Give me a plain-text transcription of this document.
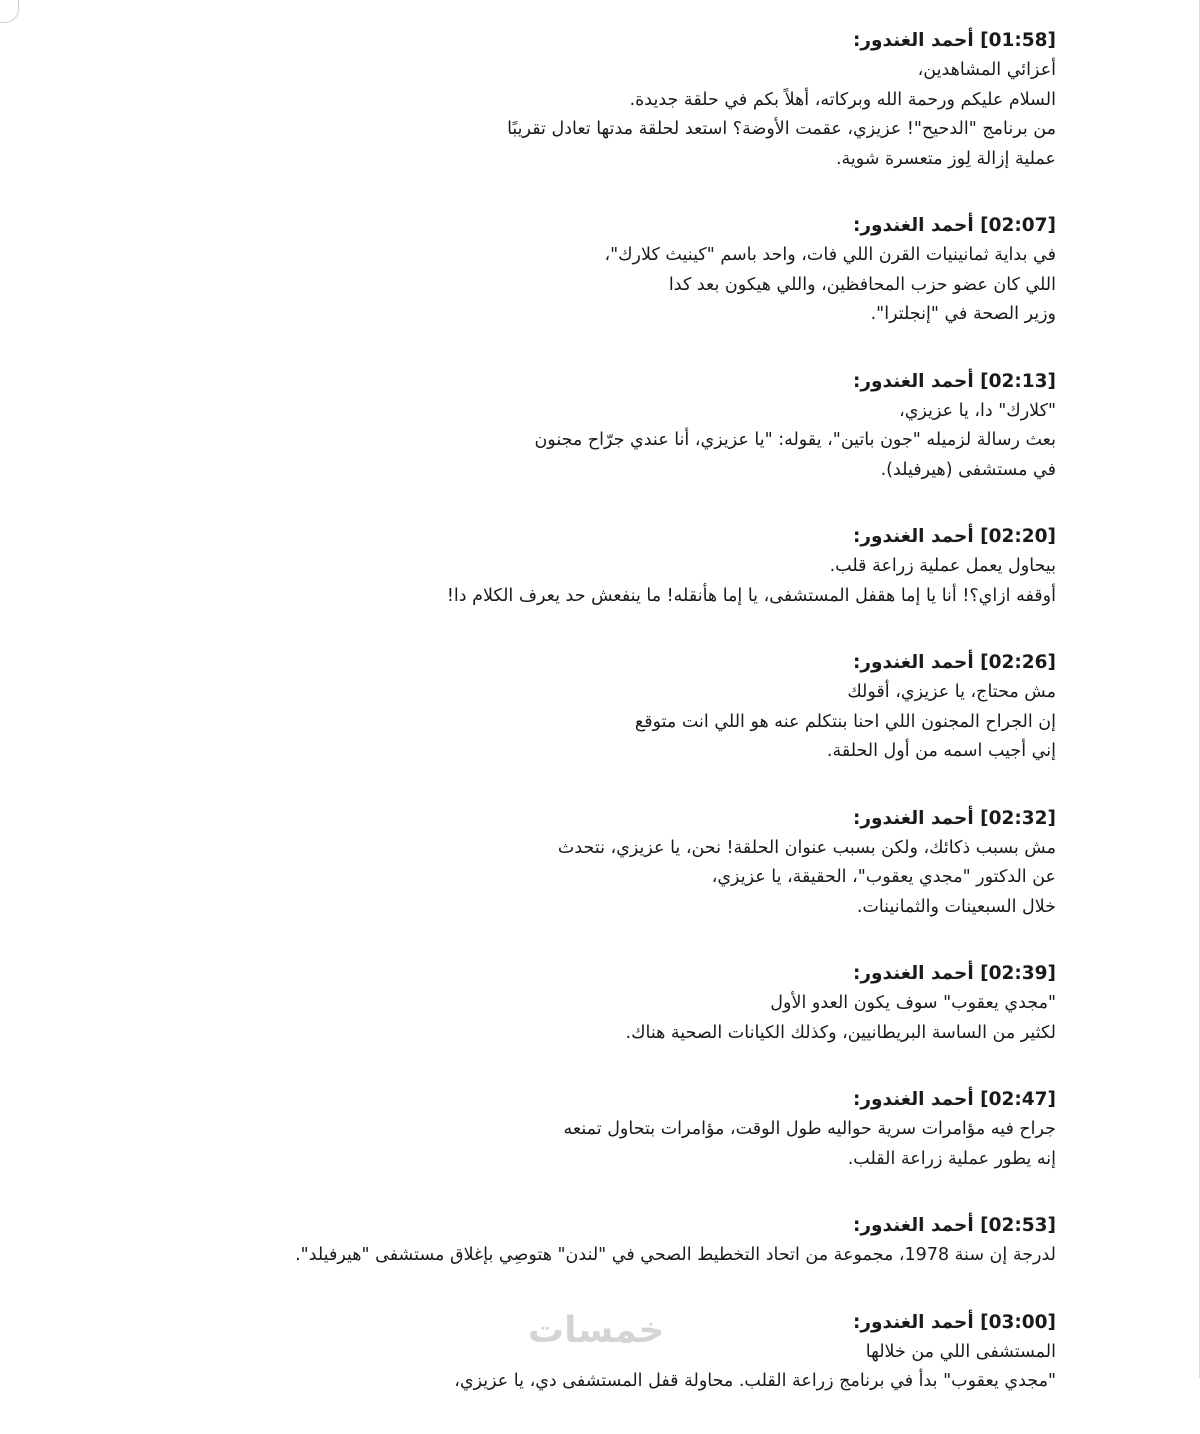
[01:58] أحمد الغندور:
أعزائي المشاهدين،
السلام عليكم ورحمة الله وبركاته، أهلاً بكم في حلقة جديدة.
من برنامج "الدحيح"! عزيزي، عقمت الأوضة؟ استعد لحلقة مدتها تعادل تقريبًا
عملية إزالة لِوز متعسرة شوية.
[02:07] أحمد الغندور:
في بداية ثمانينيات القرن اللي فات، واحد باسم "كينيث كلارك"،
اللي كان عضو حزب المحافظين، واللي هيكون بعد كدا
وزير الصحة في "إنجلترا".
[02:13] أحمد الغندور:
"كلارك" دا، يا عزيزي،
بعث رسالة لزميله "جون باتين"، يقوله: "يا عزيزي، أنا عندي جرّاح مجنون
في مستشفى (هيرفيلد).
[02:20] أحمد الغندور:
بيحاول يعمل عملية زراعة قلب.
أوقفه ازاي؟! أنا يا إما هقفل المستشفى، يا إما هأنقله! ما ينفعش حد يعرف الكلام دا!
[02:26] أحمد الغندور:
مش محتاج، يا عزيزي، أقولك
إن الجراح المجنون اللي احنا بنتكلم عنه هو اللي انت متوقع
إني أجيب اسمه من أول الحلقة.
[02:32] أحمد الغندور:
مش بسبب ذكائك، ولكن بسبب عنوان الحلقة! نحن، يا عزيزي، نتحدث
عن الدكتور "مجدي يعقوب"، الحقيقة، يا عزيزي،
خلال السبعينات والثمانينات.
[02:39] أحمد الغندور:
"مجدي يعقوب" سوف يكون العدو الأول
لكثير من الساسة البريطانيين، وكذلك الكيانات الصحية هناك.
[02:47] أحمد الغندور:
جراح فيه مؤامرات سرية حواليه طول الوقت، مؤامرات بتحاول تمنعه
إنه يطور عملية زراعة القلب.
[02:53] أحمد الغندور:
لدرجة إن سنة 1978، مجموعة من اتحاد التخطيط الصحي في "لندن" هتوصِي بإغلاق مستشفى "هيرفيلد".
[03:00] أحمد الغندور:
المستشفى اللي من خلالها
"مجدي يعقوب" بدأ في برنامج زراعة القلب. محاولة قفل المستشفى دي، يا عزيزي،
خمسات
